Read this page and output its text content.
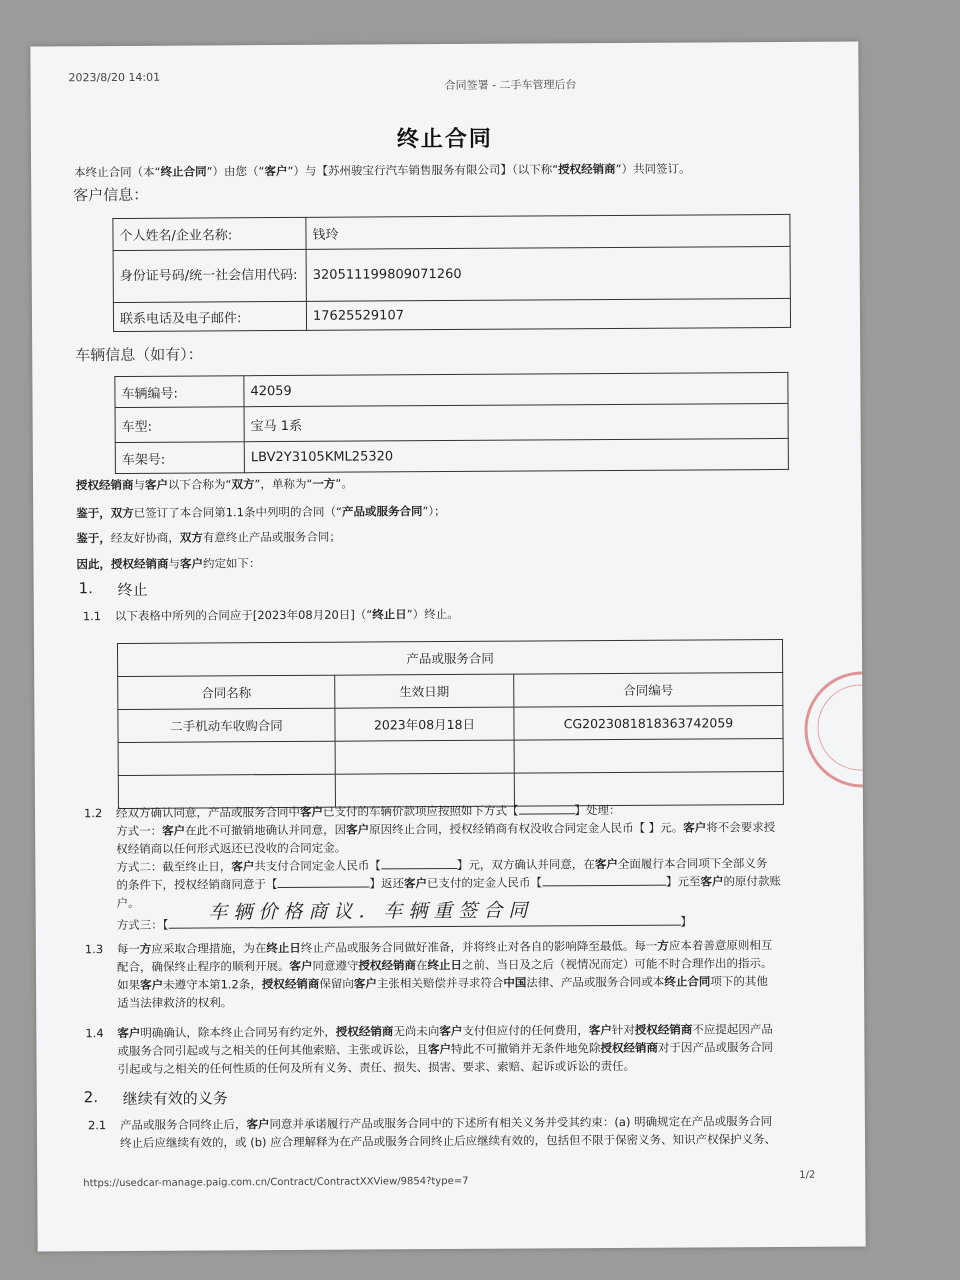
2023/8/20 14:01
合同签署 - 二手车管理后台
终止合同
本终止合同（本“终止合同”）由您（“客户”）与【苏州骏宝行汽车销售服务有限公司】（以下称“授权经销商”）共同签订。
客户信息：
个人姓名/企业名称:	钱玲
身份证号码/统一社会信用代码:	320511199809071260
联系电话及电子邮件:	17625529107
车辆信息（如有）：
车辆编号:	42059
车型:	宝马 1系
车架号:	LBV2Y3105KML25320
授权经销商与客户以下合称为“双方”，单称为“一方”。
鉴于，双方已签订了本合同第1.1条中列明的合同（“产品或服务合同”）；
鉴于，经友好协商，双方有意终止产品或服务合同；
因此，授权经销商与客户约定如下：
1. 终止
1.1 以下表格中所列的合同应于[2023年08月20日]（“终止日”）终止。
产品或服务合同		
合同名称	生效日期	合同编号
二手机动车收购合同	2023年08月18日	CG2023081818363742059

1.2 经双方确认同意，产品或服务合同中客户已支付的车辆价款项应按照如下方式【	】处理：
方式一：客户在此不可撤销地确认并同意，因客户原因终止合同，授权经销商有权没收合同定金人民币【 】元。客户将不会要求授
权经销商以任何形式返还已没收的合同定金。
方式二：截至终止日，客户共支付合同定金人民币【	】元，双方确认并同意，在客户全面履行本合同项下全部义务
的条件下，授权经销商同意于【	】返还客户已支付的定金人民币【	】元至客户的原付款账
户。
方式三：【
车辆价格商议．车辆重签合同	】
1.3 每一方应采取合理措施，为在终止日终止产品或服务合同做好准备，并将终止对各自的影响降至最低。每一方应本着善意原则相互
配合，确保终止程序的顺利开展。客户同意遵守授权经销商在终止日之前、当日及之后（视情况而定）可能不时合理作出的指示。
如果客户未遵守本第1.2条，授权经销商保留向客户主张相关赔偿并寻求符合中国法律、产品或服务合同或本终止合同项下的其他
适当法律救济的权利。
1.4 客户明确确认，除本终止合同另有约定外，授权经销商无尚未向客户支付但应付的任何费用，客户针对授权经销商不应提起因产品
或服务合同引起或与之相关的任何其他索赔、主张或诉讼，且客户特此不可撤销并无条件地免除授权经销商对于因产品或服务合同
引起或与之相关的任何性质的任何及所有义务、责任、损失、损害、要求、索赔、起诉或诉讼的责任。
2. 继续有效的义务
2.1 产品或服务合同终止后，客户同意并承诺履行产品或服务合同中的下述所有相关义务并受其约束：(a) 明确规定在产品或服务合同
终止后应继续有效的，或 (b) 应合理解释为在产品或服务合同终止后应继续有效的，包括但不限于保密义务、知识产权保护义务、
https://usedcar-manage.paig.com.cn/Contract/ContractXXView/9854?type=7
1/2
